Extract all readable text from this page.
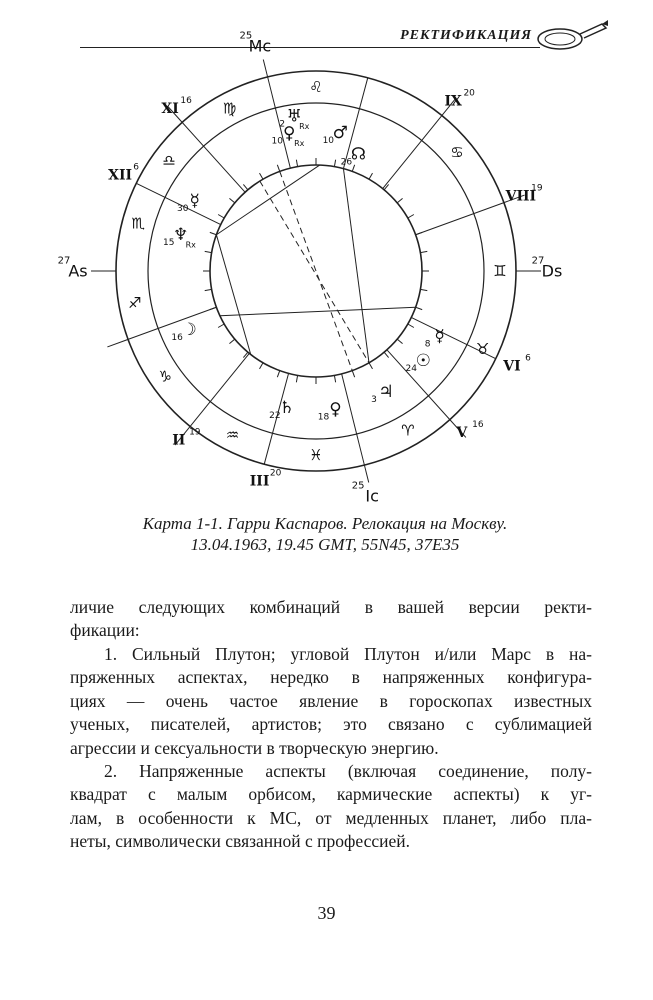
РЕКТИФИКАЦИЯ
♍
♌
♋
♊
♉
♈
♓
♒
♑
♐
♏
♎
Mc
25
Ic
25
As
27
Ds
27
XI 16
XII 6
II 19
III 20
V 16
VI 6
VIII
19
IX 20
♀
10 Rx
♅
2 Rx ♂
10
☊
26
☿
30
♆
15 Rx
☽
16	☿
8
☉
24
♃
3
♀
18
♄
22
Карта 1-1. Гарри Каспаров. Релокация на Москву.
13.04.1963, 19.45 GMT, 55N45, 37E35
личие следующих комбинаций в вашей версии ректи-
фикации:
1. Сильный Плутон; угловой Плутон и/или Марс в на-
пряженных аспектах, нередко в напряженных конфигура-
циях — очень частое явление в гороскопах известных
ученых, писателей, артистов; это связано с сублимацией
агрессии и сексуальности в творческую энергию.
2. Напряженные аспекты (включая соединение, полу-
квадрат с малым орбисом, кармические аспекты) к уг-
лам, в особенности к МС, от медленных планет, либо пла-
неты, символически связанной с профессией.
39
